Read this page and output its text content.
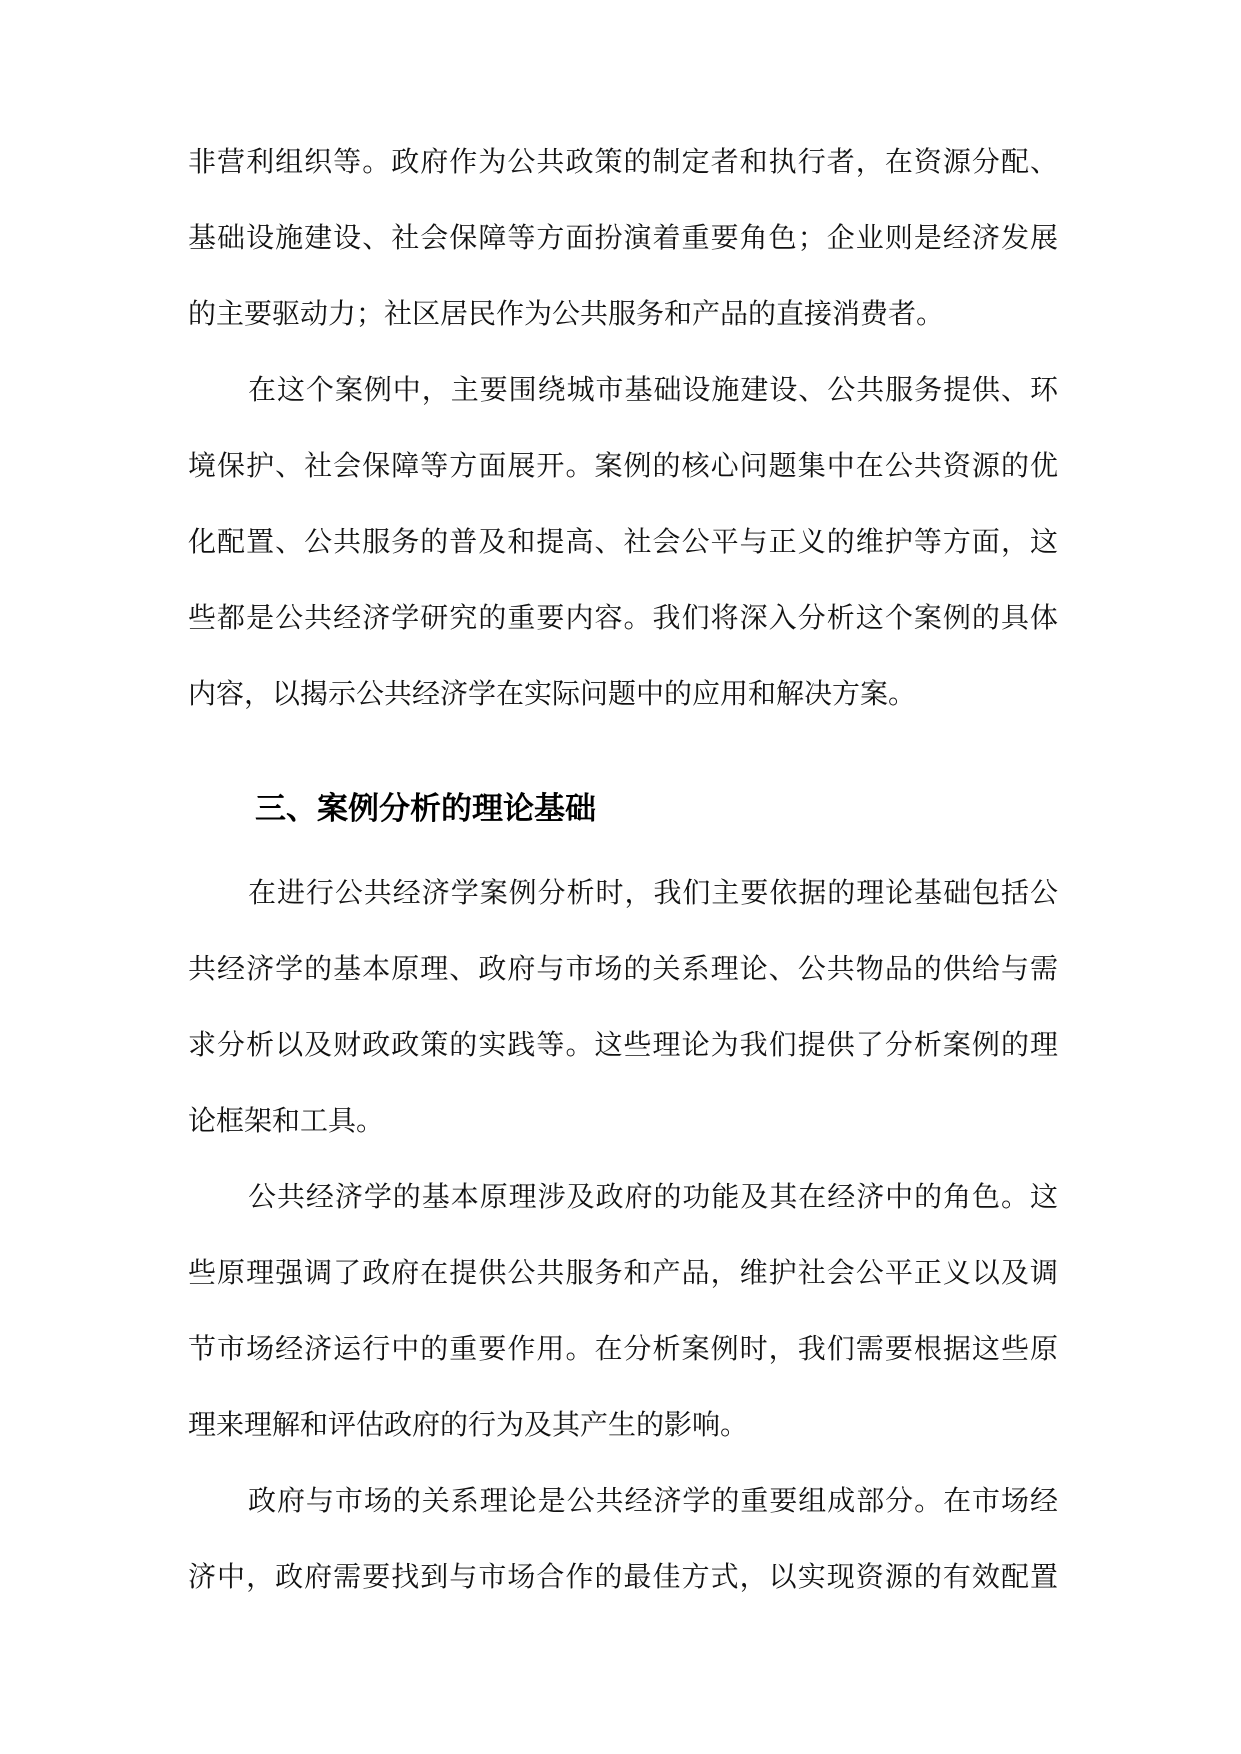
非营利组织等。政府作为公共政策的制定者和执行者，在资源分配、
基础设施建设、社会保障等方面扮演着重要角色；企业则是经济发展
的主要驱动力；社区居民作为公共服务和产品的直接消费者。
在这个案例中，主要围绕城市基础设施建设、公共服务提供、环
境保护、社会保障等方面展开。案例的核心问题集中在公共资源的优
化配置、公共服务的普及和提高、社会公平与正义的维护等方面，这
些都是公共经济学研究的重要内容。我们将深入分析这个案例的具体
内容，以揭示公共经济学在实际问题中的应用和解决方案。
三、案例分析的理论基础
在进行公共经济学案例分析时，我们主要依据的理论基础包括公
共经济学的基本原理、政府与市场的关系理论、公共物品的供给与需
求分析以及财政政策的实践等。这些理论为我们提供了分析案例的理
论框架和工具。
公共经济学的基本原理涉及政府的功能及其在经济中的角色。这
些原理强调了政府在提供公共服务和产品，维护社会公平正义以及调
节市场经济运行中的重要作用。在分析案例时，我们需要根据这些原
理来理解和评估政府的行为及其产生的影响。
政府与市场的关系理论是公共经济学的重要组成部分。在市场经
济中，政府需要找到与市场合作的最佳方式，以实现资源的有效配置
